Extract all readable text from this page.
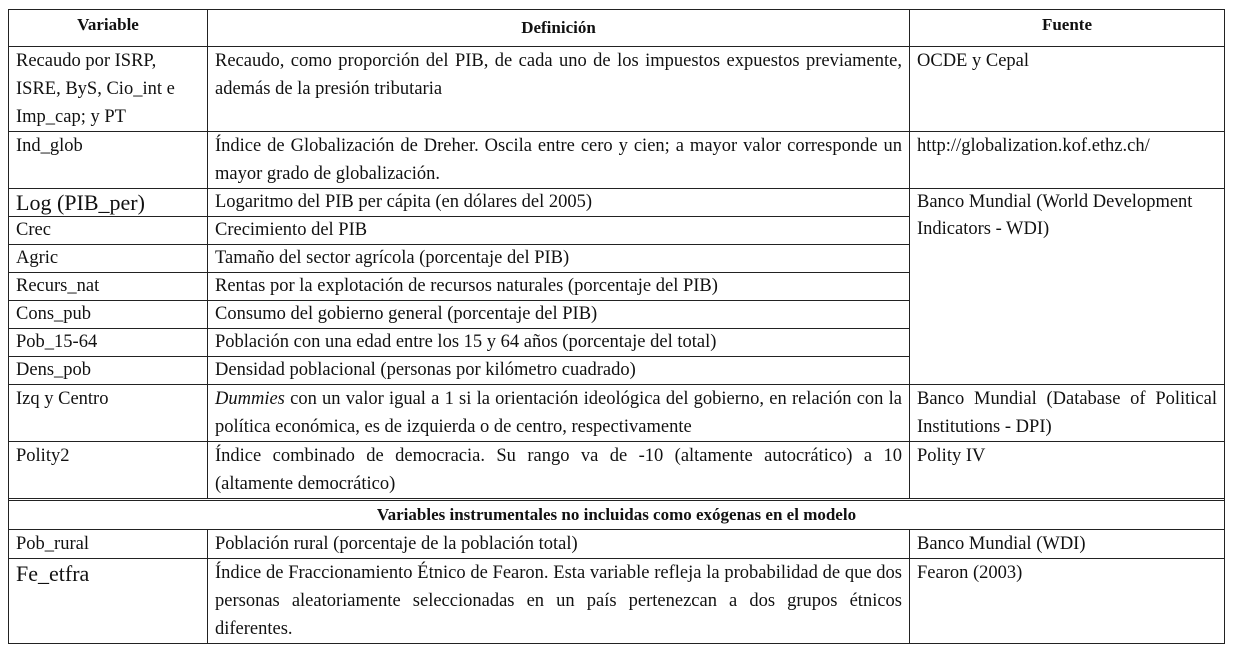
Variable	Definición	Fuente
Recaudo por ISRP, ISRE, ByS, Cio_int e Imp_cap; y PT	Recaudo, como proporción del PIB, de cada uno de los impuestos expuestos previamente, además de la presión tributaria	OCDE y Cepal
Ind_glob	Índice de Globalización de Dreher. Oscila entre cero y cien; a mayor valor corresponde un mayor grado de globalización.	http://globalization.kof.ethz.ch/
Log (PIB_per)	Logaritmo del PIB per cápita (en dólares del 2005)	Banco Mundial (World Development Indicators - WDI)
Crec	Crecimiento del PIB	
Agric	Tamaño del sector agrícola (porcentaje del PIB)	
Recurs_nat	Rentas por la explotación de recursos naturales (porcentaje del PIB)	
Cons_pub	Consumo del gobierno general (porcentaje del PIB)	
Pob_15-64	Población con una edad entre los 15 y 64 años (porcentaje del total)	
Dens_pob	Densidad poblacional (personas por kilómetro cuadrado)	
Izq y Centro	Dummies con un valor igual a 1 si la orientación ideológica del gobierno, en relación con la política económica, es de izquierda o de centro, respectivamente	Banco Mundial (Database of Political Institutions - DPI)
Polity2	Índice combinado de democracia. Su rango va de -10 (altamente autocrático) a 10 (altamente democrático)	Polity IV

Variables instrumentales no incluidas como exógenas en el modelo		
Pob_rural	Población rural (porcentaje de la población total)	Banco Mundial (WDI)
Fe_etfra	Índice de Fraccionamiento Étnico de Fearon. Esta variable refleja la probabilidad de que dos personas aleatoriamente seleccionadas en un país pertenezcan a dos grupos étnicos diferentes.	Fearon (2003)
